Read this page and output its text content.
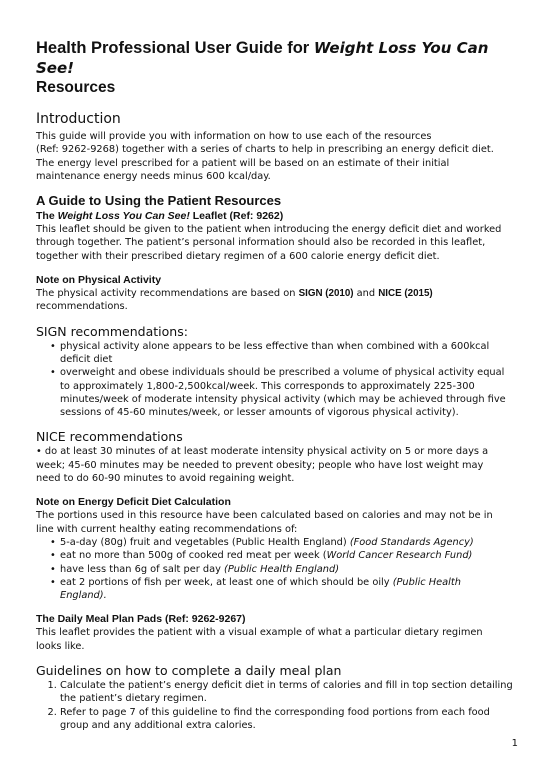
Health Professional User Guide for Weight Loss You Can See!
Resources
Introduction

This guide will provide you with information on how to use each of the resources

(Ref: 9262-9268) together with a series of charts to help in prescribing an energy deficit diet.

The energy level prescribed for a patient will be based on an estimate of their initial

maintenance energy needs minus 600 kcal/day.

A Guide to Using the Patient Resources
The Weight Loss You Can See! Leaflet (Ref: 9262)

This leaflet should be given to the patient when introducing the energy deficit diet and worked

through together. The patient’s personal information should also be recorded in this leaflet,

together with their prescribed dietary regimen of a 600 calorie energy deficit diet.

Note on Physical Activity

The physical activity recommendations are based on SIGN (2010) and NICE (2015)

recommendations.

SIGN recommendations:
• physical activity alone appears to be less effective than when combined with a 600kcal
deficit diet
• overweight and obese individuals should be prescribed a volume of physical activity equal
to approximately 1,800-2,500kcal/week. This corresponds to approximately 225-300
minutes/week of moderate intensity physical activity (which may be achieved through five
sessions of 45-60 minutes/week, or lesser amounts of vigorous physical activity).
NICE recommendations

• do at least 30 minutes of at least moderate intensity physical activity on 5 or more days a

week; 45-60 minutes may be needed to prevent obesity; people who have lost weight may

need to do 60-90 minutes to avoid regaining weight.

Note on Energy Deficit Diet Calculation

The portions used in this resource have been calculated based on calories and may not be in

line with current healthy eating recommendations of:

• 5-a-day (80g) fruit and vegetables (Public Health England) (Food Standards Agency)
• eat no more than 500g of cooked red meat per week (World Cancer Research Fund)
• have less than 6g of salt per day (Public Health England)
• eat 2 portions of fish per week, at least one of which should be oily (Public Health
England).
The Daily Meal Plan Pads (Ref: 9262-9267)

This leaflet provides the patient with a visual example of what a particular dietary regimen

looks like.

Guidelines on how to complete a daily meal plan
1. Calculate the patient’s energy deficit diet in terms of calories and fill in top section detailing
the patient’s dietary regimen.
2. Refer to page 7 of this guideline to find the corresponding food portions from each food
group and any additional extra calories.
1
